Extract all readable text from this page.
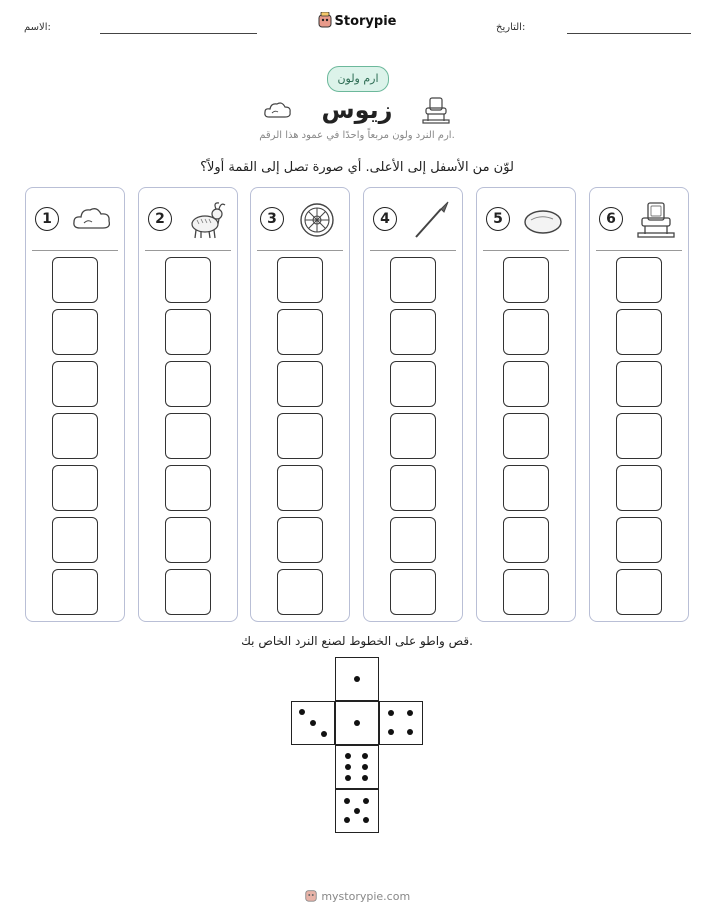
الاسم:	التاريخ:
Storypie
ارم ولون
زيوس
ارم النرد ولون مربعاً واحدًا في عمود هذا الرقم.
لوّن من الأسفل إلى الأعلى. أي صورة تصل إلى القمة أولاً؟
1	2	3	4	5	6
قص واطو على الخطوط لصنع النرد الخاص بك.
mystorypie.com
